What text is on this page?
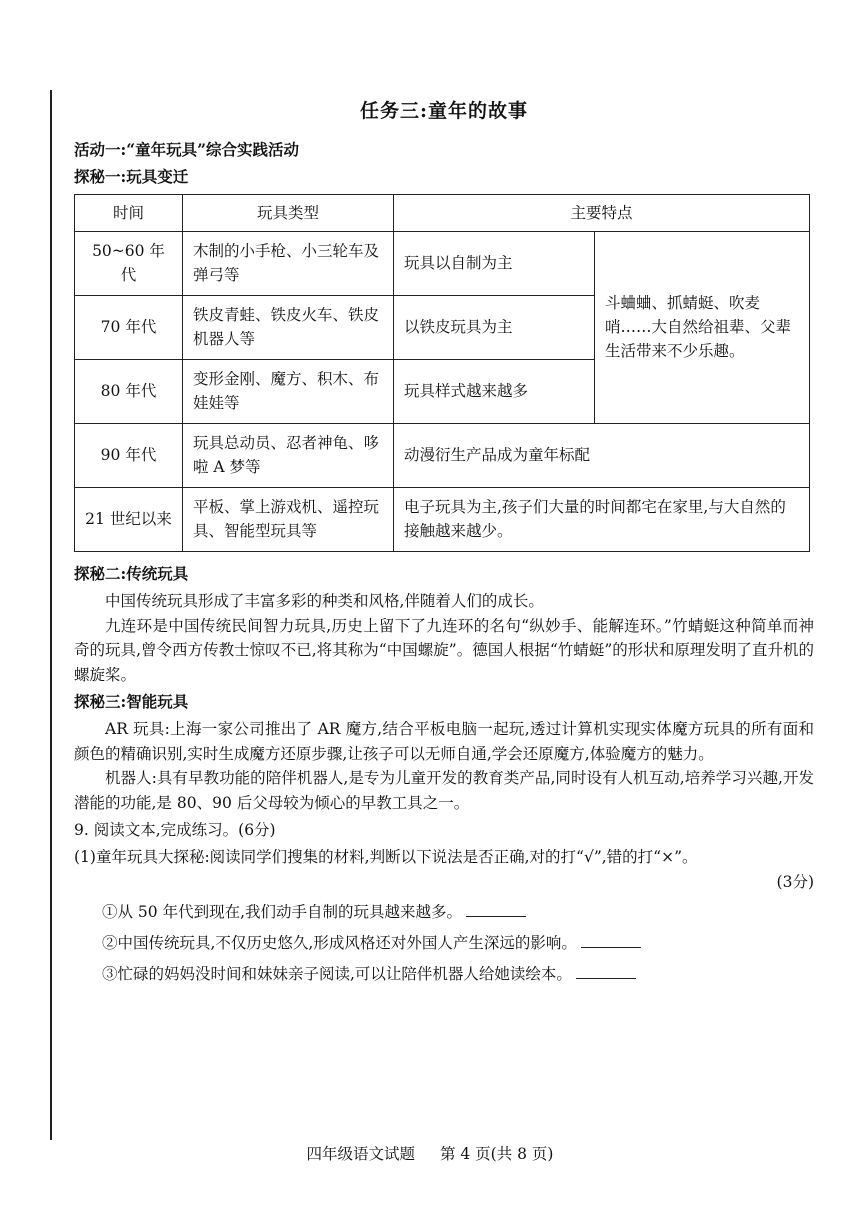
任务三:童年的故事
活动一:“童年玩具”综合实践活动
探秘一:玩具变迁
时间	玩具类型	主要特点	
50~60 年代	木制的小手枪、小三轮车及弹弓等	玩具以自制为主	斗蛐蛐、抓蜻蜓、吹麦哨……大自然给祖辈、父辈生活带来不少乐趣。
70 年代	铁皮青蛙、铁皮火车、铁皮机器人等	以铁皮玩具为主	
80 年代	变形金刚、魔方、积木、布娃娃等	玩具样式越来越多	
90 年代	玩具总动员、忍者神龟、哆啦 A 梦等	动漫衍生产品成为童年标配	
21 世纪以来	平板、掌上游戏机、遥控玩具、智能型玩具等	电子玩具为主,孩子们大量的时间都宅在家里,与大自然的接触越来越少。	
探秘二:传统玩具

中国传统玩具形成了丰富多彩的种类和风格,伴随着人们的成长。

九连环是中国传统民间智力玩具,历史上留下了九连环的名句“纵妙手、能解连环。”竹蜻蜓这种简单而神奇的玩具,曾令西方传教士惊叹不已,将其称为“中国螺旋”。德国人根据“竹蜻蜓”的形状和原理发明了直升机的螺旋桨。

探秘三:智能玩具

AR 玩具:上海一家公司推出了 AR 魔方,结合平板电脑一起玩,透过计算机实现实体魔方玩具的所有面和颜色的精确识别,实时生成魔方还原步骤,让孩子可以无师自通,学会还原魔方,体验魔方的魅力。

机器人:具有早教功能的陪伴机器人,是专为儿童开发的教育类产品,同时设有人机互动,培养学习兴趣,开发潜能的功能,是 80、90 后父母较为倾心的早教工具之一。

9. 阅读文本,完成练习。(6分)
(1)童年玩具大探秘:阅读同学们搜集的材料,判断以下说法是否正确,对的打“√”,错的打“×”。
(3分)
①从 50 年代到现在,我们动手自制的玩具越来越多。
②中国传统玩具,不仅历史悠久,形成风格还对外国人产生深远的影响。
③忙碌的妈妈没时间和妹妹亲子阅读,可以让陪伴机器人给她读绘本。
四年级语文试题 第 4 页(共 8 页)
